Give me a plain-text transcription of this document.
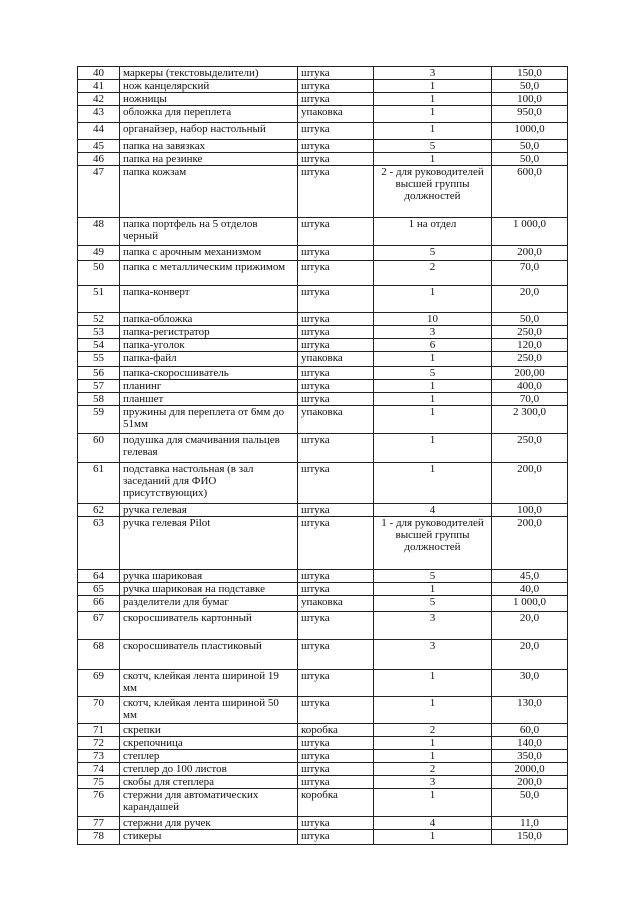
40	маркеры (текстовыделители)	штука	3	150,0
41	нож канцелярский	штука	1	50,0
42	ножницы	штука	1	100,0
43	обложка для переплета	упаковка	1	950,0
44	органайзер, набор настольный	штука	1	1000,0
45	папка на завязках	штука	5	50,0
46	папка на резинке	штука	1	50,0
47	папка кожзам	штука	2 - для руководителей высшей группы должностей	600,0
48	папка портфель на 5 отделов черный	штука	1 на отдел	1 000,0
49	папка с арочным механизмом	штука	5	200,0
50	папка с металлическим прижимом	штука	2	70,0
51	папка-конверт	штука	1	20,0
52	папка-обложка	штука	10	50,0
53	папка-регистратор	штука	3	250,0
54	папка-уголок	штука	6	120,0
55	папка-файл	упаковка	1	250,0
56	папка-скоросшиватель	штука	5	200,00
57	планинг	штука	1	400,0
58	планшет	штука	1	70,0
59	пружины для переплета от 6мм до 51мм	упаковка	1	2 300,0
60	подушка для смачивания пальцев гелевая	штука	1	250,0
61	подставка настольная (в зал заседаний для ФИО присутствующих)	штука	1	200,0
62	ручка гелевая	штука	4	100,0
63	ручка гелевая Pilot	штука	1 - для руководителей высшей группы должностей	200,0
64	ручка шариковая	штука	5	45,0
65	ручка шариковая на подставке	штука	1	40,0
66	разделители для бумаг	упаковка	5	1 000,0
67	скоросшиватель картонный	штука	3	20,0
68	скоросшиватель пластиковый	штука	3	20,0
69	скотч, клейкая лента шириной 19 мм	штука	1	30,0
70	скотч, клейкая лента шириной 50 мм	штука	1	130,0
71	скрепки	коробка	2	60,0
72	скрепочница	штука	1	140,0
73	степлер	штука	1	350,0
74	степлер до 100 листов	штука	2	2000,0
75	скобы для степлера	штука	3	200,0
76	стержни для автоматических карандашей	коробка	1	50,0
77	стержни для ручек	штука	4	11,0
78	стикеры	штука	1	150,0
